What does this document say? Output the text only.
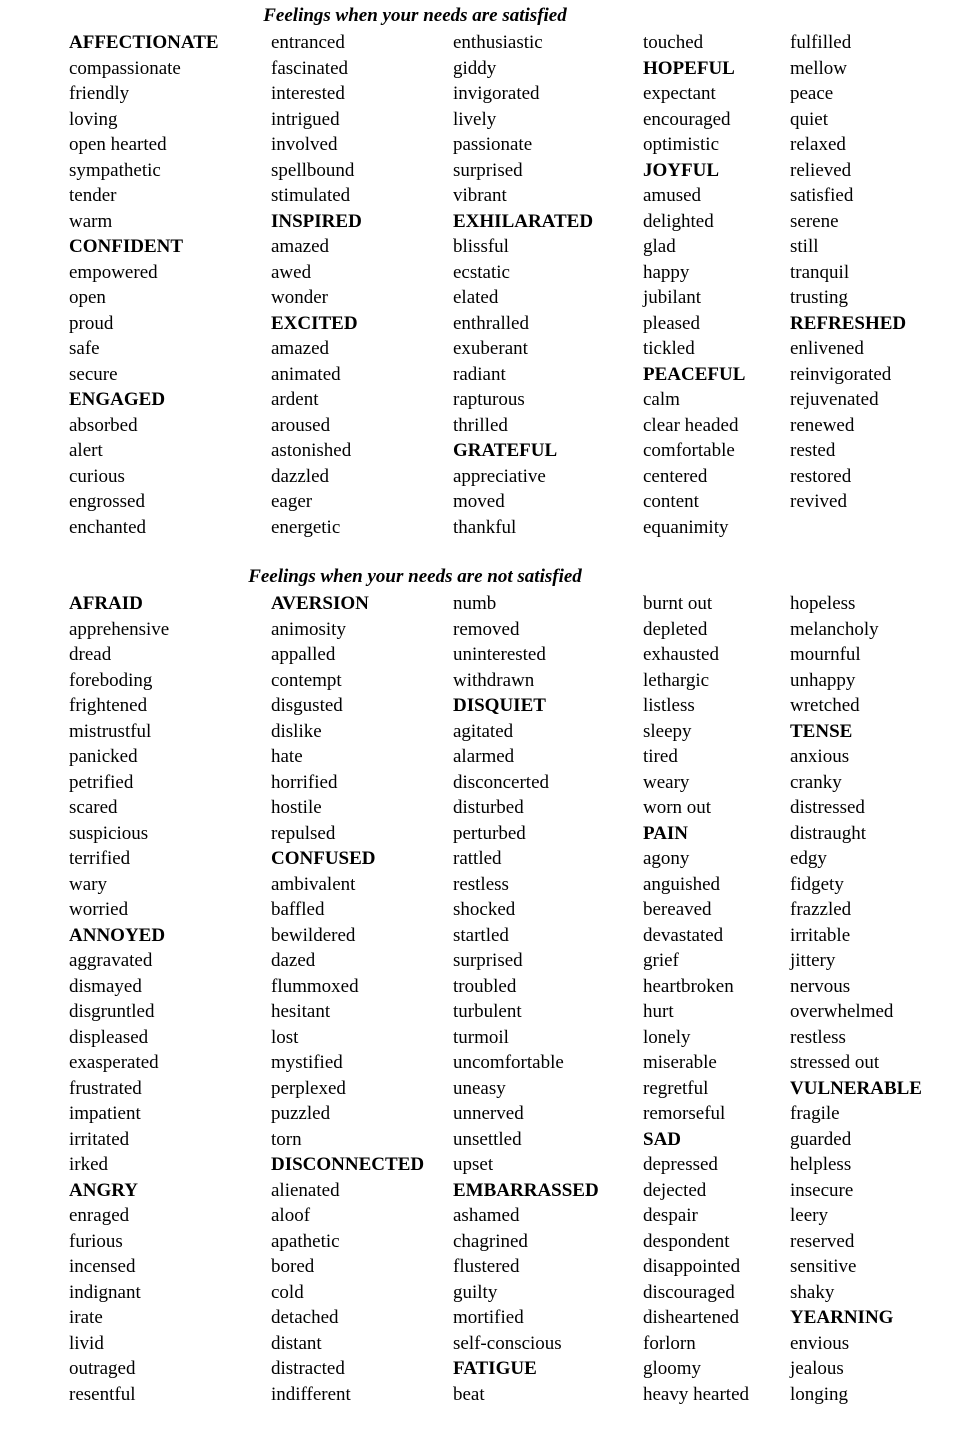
Feelings when your needs are satisfied
AFFECTIONATE
compassionate
friendly
loving
open hearted
sympathetic
tender
warm
CONFIDENT
empowered
open
proud
safe
secure
ENGAGED
absorbed
alert
curious
engrossed
enchanted
entranced
fascinated
interested
intrigued
involved
spellbound
stimulated
INSPIRED
amazed
awed
wonder
EXCITED
amazed
animated
ardent
aroused
astonished
dazzled
eager
energetic
enthusiastic
giddy
invigorated
lively
passionate
surprised
vibrant
EXHILARATED
blissful
ecstatic
elated
enthralled
exuberant
radiant
rapturous
thrilled
GRATEFUL
appreciative
moved
thankful
touched
HOPEFUL
expectant
encouraged
optimistic
JOYFUL
amused
delighted
glad
happy
jubilant
pleased
tickled
PEACEFUL
calm
clear headed
comfortable
centered
content
equanimity
fulfilled
mellow
peace
quiet
relaxed
relieved
satisfied
serene
still
tranquil
trusting
REFRESHED
enlivened
reinvigorated
rejuvenated
renewed
rested
restored
revived
Feelings when your needs are not satisfied
AFRAID
apprehensive
dread
foreboding
frightened
mistrustful
panicked
petrified
scared
suspicious
terrified
wary
worried
ANNOYED
aggravated
dismayed
disgruntled
displeased
exasperated
frustrated
impatient
irritated
irked
ANGRY
enraged
furious
incensed
indignant
irate
livid
outraged
resentful
AVERSION
animosity
appalled
contempt
disgusted
dislike
hate
horrified
hostile
repulsed
CONFUSED
ambivalent
baffled
bewildered
dazed
flummoxed
hesitant
lost
mystified
perplexed
puzzled
torn
DISCONNECTED
alienated
aloof
apathetic
bored
cold
detached
distant
distracted
indifferent
numb
removed
uninterested
withdrawn
DISQUIET
agitated
alarmed
disconcerted
disturbed
perturbed
rattled
restless
shocked
startled
surprised
troubled
turbulent
turmoil
uncomfortable
uneasy
unnerved
unsettled
upset
EMBARRASSED
ashamed
chagrined
flustered
guilty
mortified
self-conscious
FATIGUE
beat
burnt out
depleted
exhausted
lethargic
listless
sleepy
tired
weary
worn out
PAIN
agony
anguished
bereaved
devastated
grief
heartbroken
hurt
lonely
miserable
regretful
remorseful
SAD
depressed
dejected
despair
despondent
disappointed
discouraged
disheartened
forlorn
gloomy
heavy hearted
hopeless
melancholy
mournful
unhappy
wretched
TENSE
anxious
cranky
distressed
distraught
edgy
fidgety
frazzled
irritable
jittery
nervous
overwhelmed
restless
stressed out
VULNERABLE
fragile
guarded
helpless
insecure
leery
reserved
sensitive
shaky
YEARNING
envious
jealous
longing
